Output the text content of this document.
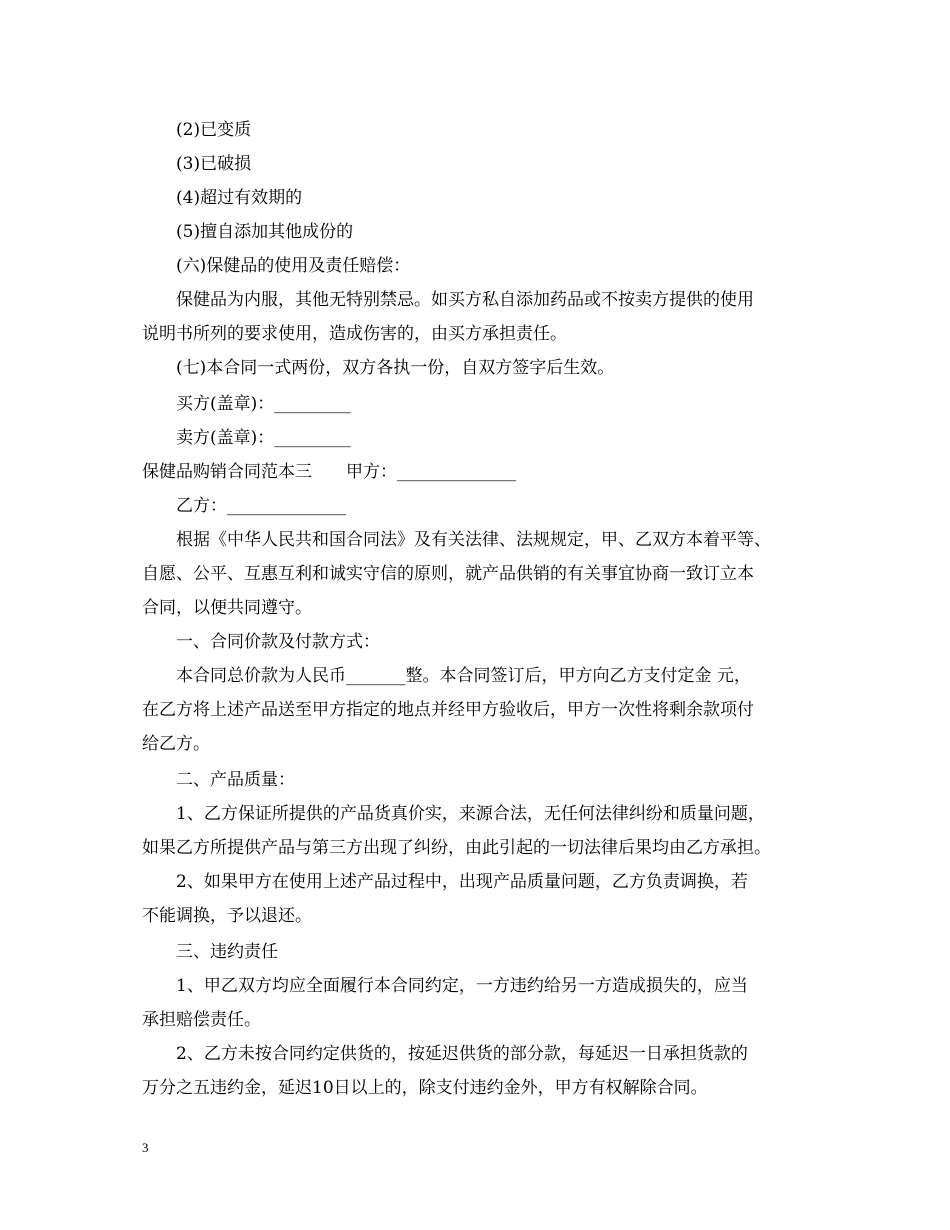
(2)已变质

(3)已破损

(4)超过有效期的

(5)擅自添加其他成份的

(六)保健品的使用及责任赔偿：

保健品为内服，其他无特别禁忌。如买方私自添加药品或不按卖方提供的使用

说明书所列的要求使用，造成伤害的，由买方承担责任。

(七)本合同一式两份，双方各执一份，自双方签字后生效。

买方(盖章)：_________

卖方(盖章)：_________

保健品购销合同范本三　　甲方：______________

乙方：______________

根据《中华人民共和国合同法》及有关法律、法规规定，甲、乙双方本着平等、

自愿、公平、互惠互利和诚实守信的原则，就产品供销的有关事宜协商一致订立本

合同，以便共同遵守。

一、合同价款及付款方式：

本合同总价款为人民币_______整。本合同签订后，甲方向乙方支付定金 元，

在乙方将上述产品送至甲方指定的地点并经甲方验收后，甲方一次性将剩余款项付

给乙方。

二、产品质量：

1、乙方保证所提供的产品货真价实，来源合法，无任何法律纠纷和质量问题，

如果乙方所提供产品与第三方出现了纠纷，由此引起的一切法律后果均由乙方承担。

2、如果甲方在使用上述产品过程中，出现产品质量问题，乙方负责调换，若

不能调换，予以退还。

三、违约责任

1、甲乙双方均应全面履行本合同约定，一方违约给另一方造成损失的，应当

承担赔偿责任。

2、乙方未按合同约定供货的，按延迟供货的部分款，每延迟一日承担货款的

万分之五违约金，延迟10日以上的，除支付违约金外，甲方有权解除合同。

3
